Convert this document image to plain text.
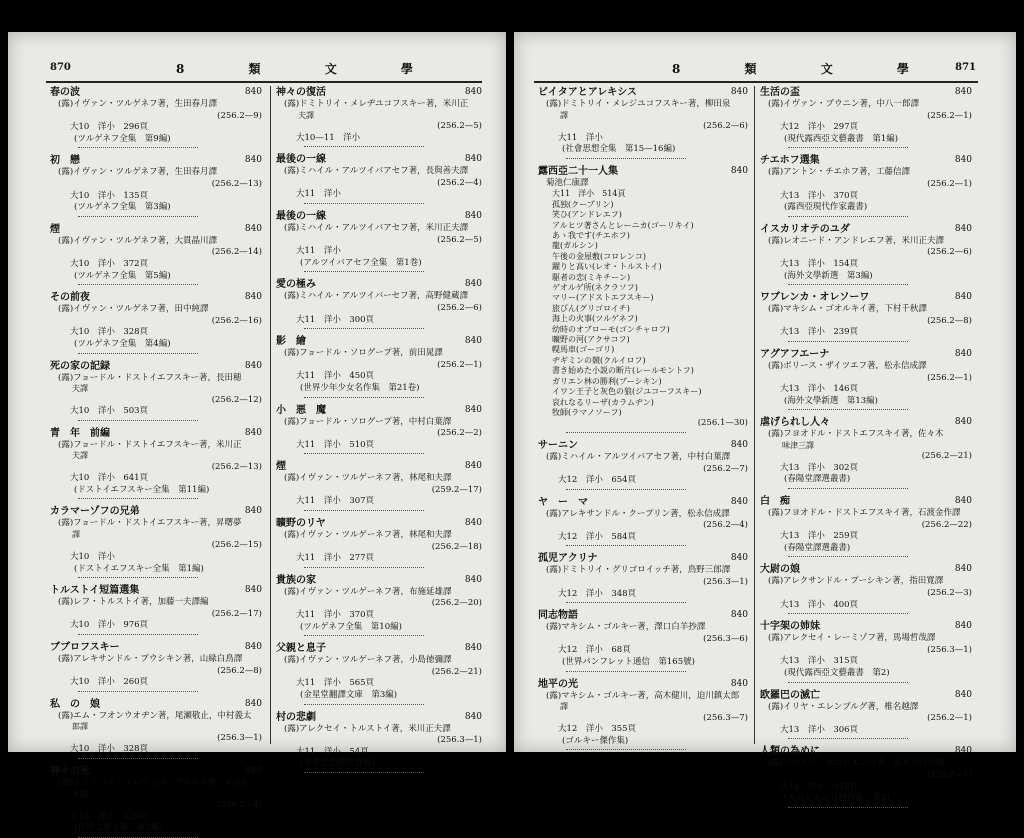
870	8 類 文 學
春の波	840
(露)イヴァン・ツルゲネフ著，生田春月譯
(256.2—9)
大10　洋小　296頁
(ツルゲネフ全集　第9編)
初　戀	840
(露)イヴァン・ツルゲネフ著，生田春月譯
(256.2—13)
大10　洋小　135頁
(ツルゲネフ全集　第3編)
煙	840
(露)イヴァン・ツルゲネフ著，大貫晶川譯
(256.2—14)
大10　洋小　372頁
(ツルゲネフ全集　第5編)
その前夜	840
(露)イヴァン・ツルゲネフ著，田中純譯
(256.2—16)
大10　洋小　328頁
(ツルゲネフ全集　第4編)
死の家の記録	840
(露)フョードル・ドストイエフスキー著，長田穂
　夫譯
(256.2—12)
大10　洋小　503頁
青　年　前編	840
(露)フョードル・ドストイエフスキー著，米川正
　夫譯
(256.2—13)
大10　洋小　641頁
(ドストイエフスキー全集　第11編)
カラマーゾフの兄弟	840
(露)フョードル・ドストイエフスキー著，昇曙夢
　譯
(256.2—15)
大10　洋小
(ドストイエフスキー全集　第1編)
トルストイ短篇選集	840
(露)レフ・トルストイ著，加藤一夫譯編
(256.2—17)
大10　洋小　976頁
ブブロフスキー	840
(露)アレキサンドル・プウシキン著，山緑白鳥譯
(256.2—8)
大10　洋小　260頁
私　の　娘	840
(露)エム・フオンウオヂン著，尾瀬敬止，中村義太
　郎譯
(256.3—1)
大10　洋小　328頁
神々の死	840
(露)ドミトリイ・メレジュコーフスキイ著，米川正
　夫譯
(256.2—4)
大10　洋小　629頁
(世界文藝全集　第3編)
神々の復活	840
(露)ドミトリイ・メレヂユコフスキー著，米川正
　夫譯
(256.2—5)
大10—11　洋小
最後の一線	840
(露)ミハイル・アルツイバアセフ著，長與善夫譯
(256.2—4)
大11　洋小
最後の一線	840
(露)ミハイル・アルツイバアセフ著，米川正夫譯
(256.2—5)
大11　洋小
(アルツイバアセフ全集　第1巻)
愛の極み	840
(露)ミハイル・アルツイバーセフ著，高野健蔵譯
(256.2—6)
大11　洋小　300頁
影　繪	840
(露)フョードル・ソログープ著，前田晁譯
(256.2—1)
大11　洋小　450頁
(世界少年少女名作集　第21卷)
小　悪　魔	840
(露)フョードル・ソログープ著，中村白葉譯
(256.2—2)
大11　洋小　510頁
煙	840
(露)イヴァン・ツルゲーネフ著，林尾和夫譯
(259.2—17)
大11　洋小　307頁
曠野のリヤ	840
(露)イヴァン・ツルゲーネフ著，林尾和夫譯
(256.2—18)
大11　洋小　277頁
貴族の家	840
(露)イヴァン・ツルゲーネフ著，布施延雄譯
(256.2—20)
大11　洋小　370頁
(ツルゲネフ全集　第10編)
父親と息子	840
(露)イヴァン・ツルゲーネフ著，小島徳彌譯
(256.2—21)
大11　洋小　565頁
(金星堂翻譯文庫　第3編)
村の悲劇	840
(露)アレクセイ・トルストイ著，米川正夫譯
(256.3—1)
大11　洋小　54頁
(世界思想研究會編)
8 類 文 學 871
ビイタアとアレキシス	840
(露)ドミトリイ・メレジユコフスキー著，柳田泉
　譯
(256.2—6)
大11　洋小
(社會思想全集　第15—16編)
露西亞二十一人集	840
菊池仁康譯
大11　洋小　514頁
孤独(クープリン)
笑ひ(アンドレエフ)
アルヒツ著さんとレーニカ(ゴーリキイ)
あゝ我です(チエホフ)
龍(ガルシン)
午後の金屋敷(コロレンコ)
躍りと高い(レオ・トルストイ)
駆者の恋(ミキチーン)
ゲオルゲ所(ネクラソフ)
マリー(アドストエフスキー)
旅びん(グリゴロイチ)
海上の火事(ツルゲネフ)
幼時のオブローモ(ゴンチャロフ)
曠野の河(アクサコフ)
幌馬車(ゴーゴリ)
ヂギミンの競(クルイロフ)
書き始めた小説の断片(レールモントフ)
ガリエン林の勝利(プーシキン)
イワン王子と灰色の狼(ジユコーフスキー)
哀れなるリーザ(カラムヂン)
牧師(ラマノソーフ)
(256.1—30)
サーニン	840
(露)ミハイル・アルツイバアセフ著，中村白葉譯
(256.2—7)
大12　洋小　654頁
ヤ　ー　マ	840
(露)アレキサンドル・クープリン著，松永信成譯
(256.2—4)
大12　洋小　584頁
孤児アクリナ	840
(露)ドミトリイ・グリゴロイッチ著，鳥野三郎譯
(256.3—1)
大12　洋小　348頁
同志物語	840
(露)マキシム・ゴルキー著，澤口白羊抄譯
(256.3—6)
大12　洋小　68頁
(世界パンフレット通信　第165號)
地平の光	840
(露)マキシム・ゴルキー著，高木健川，迫川鎮太郎
　譯
(256.3—7)
大12　洋小　355頁
(ゴルキー傑作集)
生活の盃	840
(露)イヴァン・ブウニン著，中八一郎譯
(256.2—1)
大12　洋小　297頁
(現代露西亞文藝叢書　第1編)
チエホフ選集	840
(露)アントン・チエホフ著，工藤信譯
(256.2—1)
大13　洋小　370頁
(露西亞現代作家叢書)
イスカリオテのユダ	840
(露)レオニード・アンドレエフ著，米川正夫譯
(256.2—6)
大13　洋小　154頁
(海外文學新選　第3編)
ワブレンカ・オレソーワ	840
(露)マキシム・ゴオルキイ著，下村千秋譯
(256.2—8)
大13　洋小　239頁
アグアフエーナ	840
(露)ボリース・ザイツエフ著，松永信成譯
(256.2—1)
大13　洋小　146頁
(海外文學新選　第13編)
虐げられし人々	840
(露)フヨオドル・ドストエフスキイ著，佐々木
　味津三譯
(256.2—21)
大13　洋小　302頁
(春陽堂譯選叢書)
白　痴	840
(露)フヨオドル・ドストエフスキイ著，石渡金作譯
(256.2—22)
大13　洋小　259頁
(春陽堂譯選叢書)
大尉の娘	840
(露)アレクサンドル・プーシキン著，指田寛譯
(256.2—3)
大13　洋小　400頁
十字架の姉妹	840
(露)アレクセイ・レーミゾフ著，馬場哲哉譯
(256.3—1)
大13　洋小　315頁
(現代露西亞文藝叢書　第2)
欧羅巴の滅亡	840
(露)イリヤ・エレンブルグ著，椎名越譯
(256.2—1)
大13　洋小　306頁
人類の為めに	840
(露)ワシリー・エロシエンコ著，東京刊行社編
(256.2—1)
大13　洋小　319頁
(エロシエンコ創作集　第3)
